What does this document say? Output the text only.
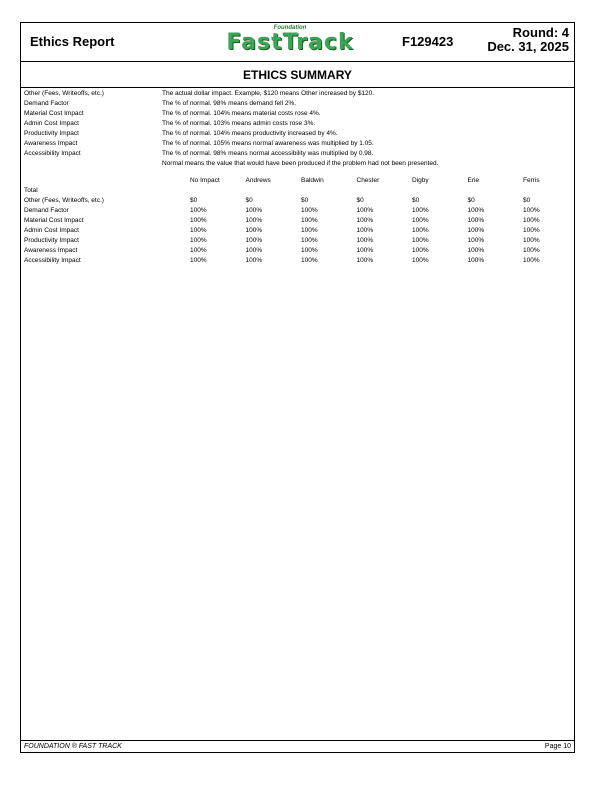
Ethics Report
Foundation
FastTrack	F129423
Round: 4
Dec. 31, 2025
ETHICS SUMMARY
Other (Fees, Writeoffs, etc.)	The actual dollar impact. Example, $120 means Other increased by $120.
Demand Factor	The % of normal. 98% means demand fell 2%.
Material Cost Impact	The % of normal. 104% means material costs rose 4%.
Admin Cost Impact	The % of normal. 103% means admin costs rose 3%.
Productivity Impact	The % of normal. 104% means productivity increased by 4%.
Awareness Impact	The % of normal. 105% means normal awareness was multiplied by 1.05.
Accessibility Impact	The % of normal. 98% means normal accessibility was multiplied by 0.98.
Normal means the value that would have been produced if the problem had not been presented.
	No Impact	Andrews	Baldwin	Chester	Digby	Erie	Ferris
Total							
Other (Fees, Writeoffs, etc.)	$0	$0	$0	$0	$0	$0	$0
Demand Factor	100%	100%	100%	100%	100%	100%	100%
Material Cost Impact	100%	100%	100%	100%	100%	100%	100%
Admin Cost Impact	100%	100%	100%	100%	100%	100%	100%
Productivity Impact	100%	100%	100%	100%	100%	100%	100%
Awareness Impact	100%	100%	100%	100%	100%	100%	100%
Accessibility Impact	100%	100%	100%	100%	100%	100%	100%
FOUNDATION ® FAST TRACK	Page 10
